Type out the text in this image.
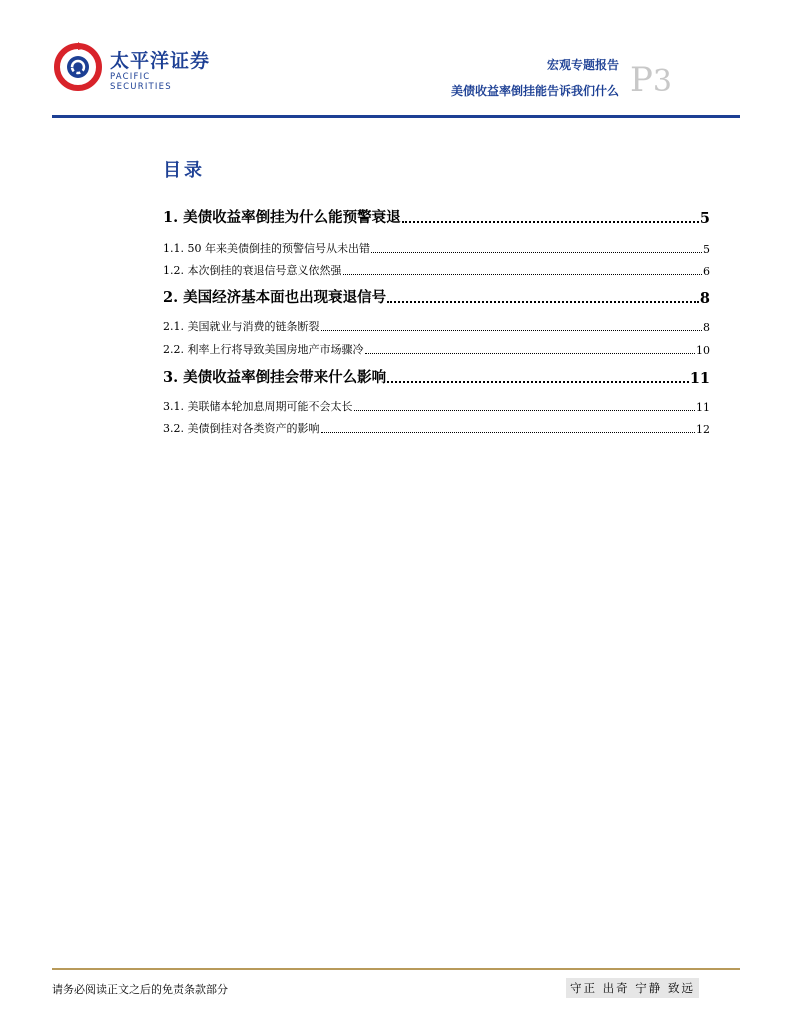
太平洋证券
PACIFIC SECURITIES
宏观专题报告
美债收益率倒挂能告诉我们什么 P3
目录
1. 美债收益率倒挂为什么能预警衰退	5
1.1. 50 年来美债倒挂的预警信号从未出错	5
1.2. 本次倒挂的衰退信号意义依然强	6
2. 美国经济基本面也出现衰退信号	8
2.1. 美国就业与消费的链条断裂	8
2.2. 利率上行将导致美国房地产市场骤冷	10
3. 美债收益率倒挂会带来什么影响	11
3.1. 美联储本轮加息周期可能不会太长	11
3.2. 美债倒挂对各类资产的影响	12
请务必阅读正文之后的免责条款部分	守正 出奇 宁静 致远
